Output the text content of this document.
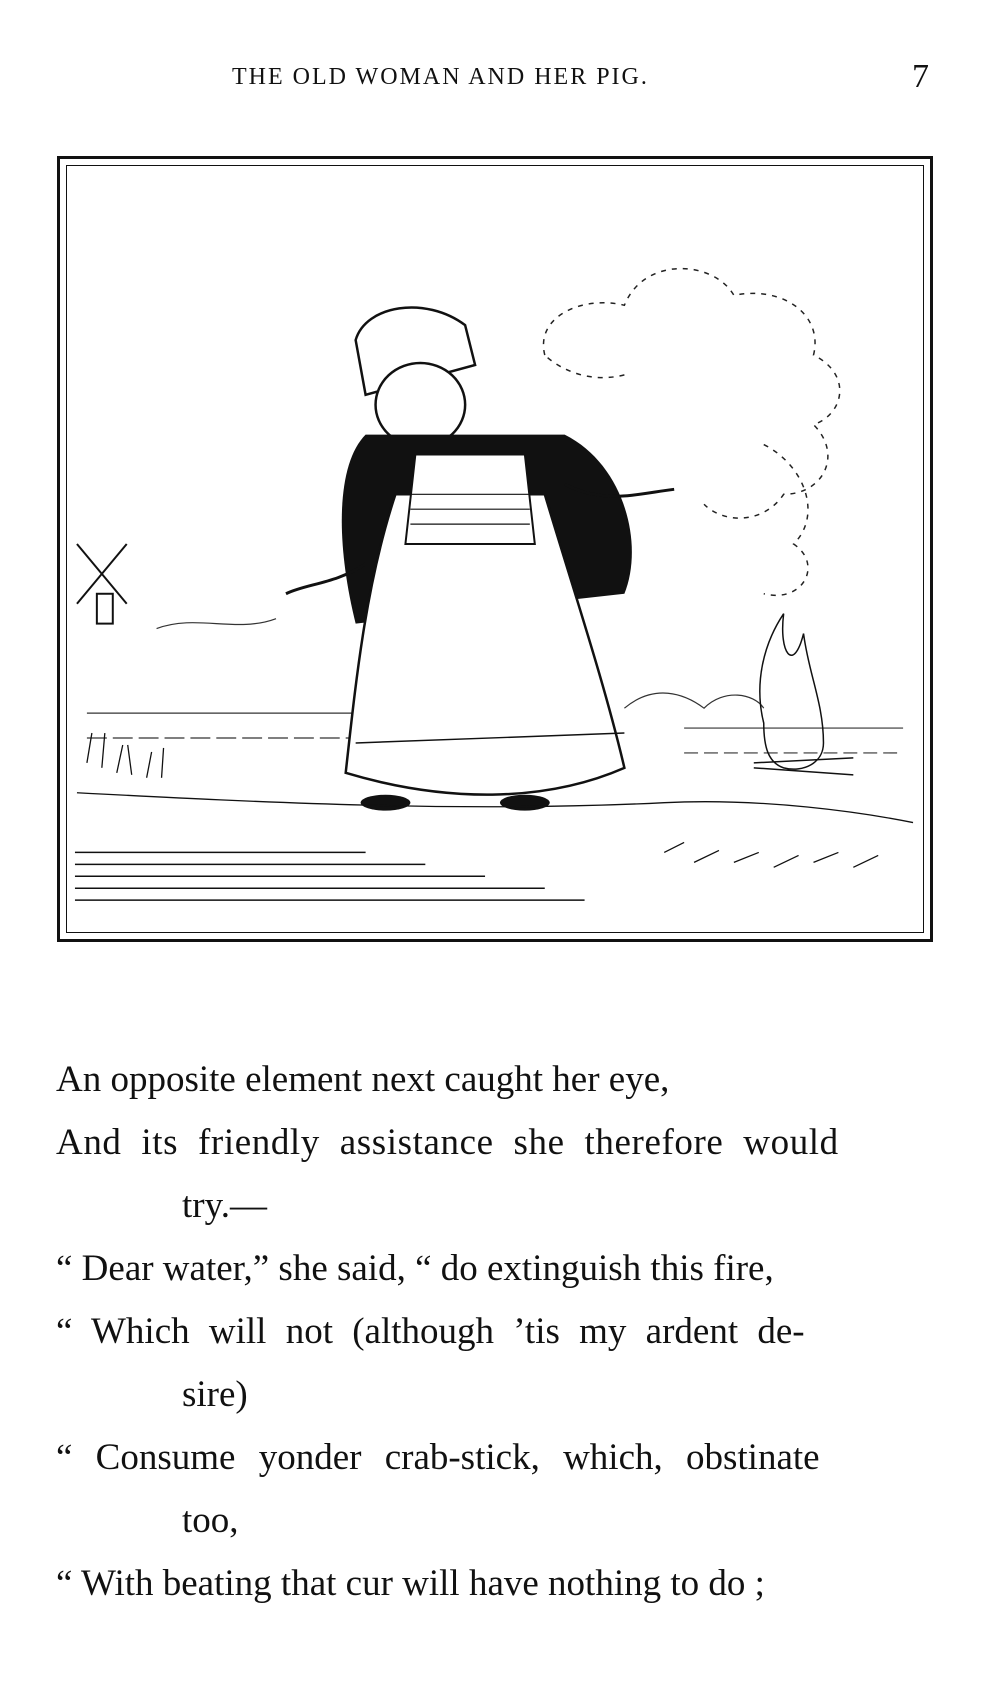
THE OLD WOMAN AND HER PIG.	7
An opposite element next caught her eye,
And its friendly assistance she therefore would
try.—
“ Dear water,” she said, “ do extinguish this fire,
“ Which will not (although ’tis my ardent de-
sire)
“ Consume yonder crab-stick, which, obstinate
too,
“ With beating that cur will have nothing to do ;
